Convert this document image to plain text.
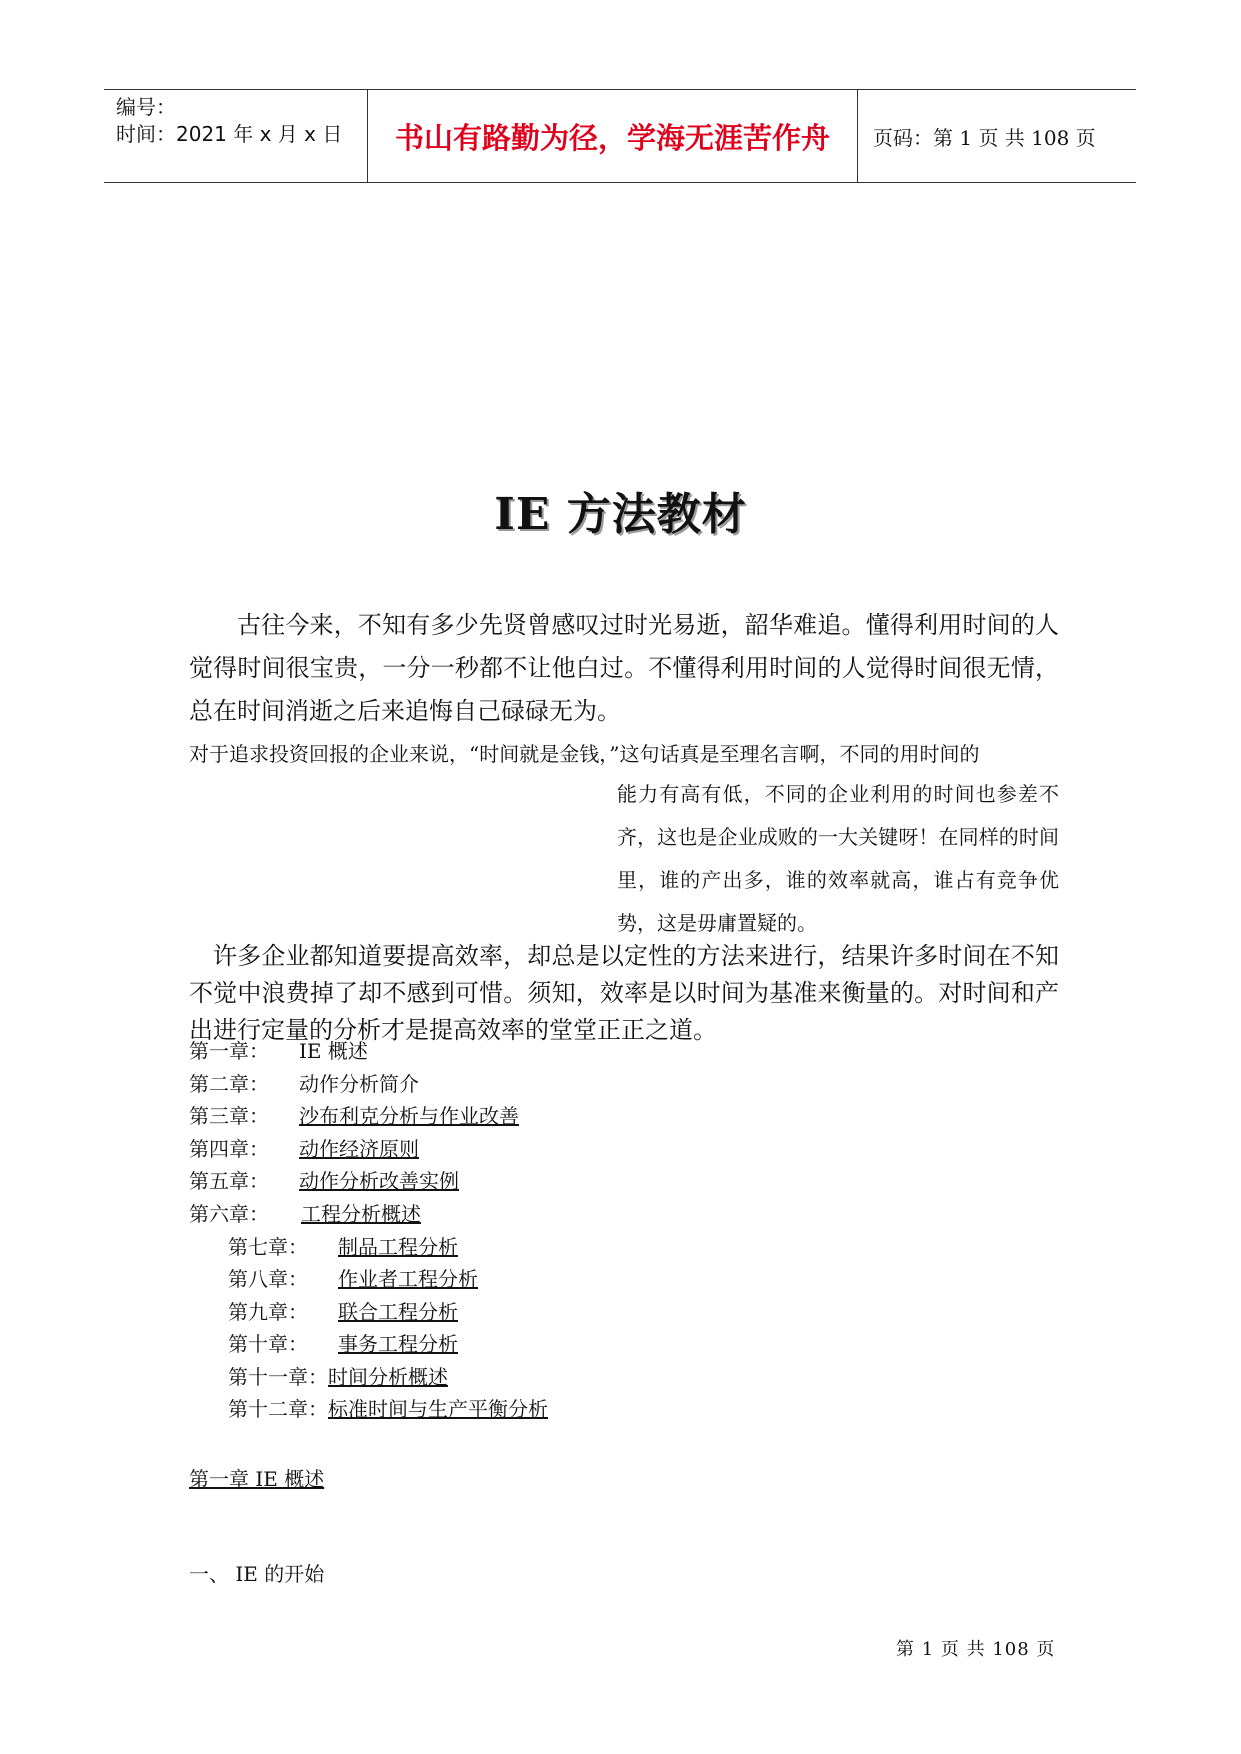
编号：
时间：2021 年 x 月 x 日	书山有路勤为径，学海无涯苦作舟	页码：第 1 页 共 108 页
IE 方法教材
古往今来，不知有多少先贤曾感叹过时光易逝，韶华难追。懂得利用时间的人觉得时间很宝贵，一分一秒都不让他白过。不懂得利用时间的人觉得时间很无情，总在时间消逝之后来追悔自己碌碌无为。
对于追求投资回报的企业来说，“时间就是金钱，”这句话真是至理名言啊，不同的用时间的
能力有高有低，不同的企业利用的时间也参差不齐，这也是企业成败的一大关键呀！在同样的时间里，谁的产出多，谁的效率就高，谁占有竞争优势，这是毋庸置疑的。
许多企业都知道要提高效率，却总是以定性的方法来进行，结果许多时间在不知不觉中浪费掉了却不感到可惜。须知，效率是以时间为基准来衡量的。对时间和产出进行定量的分析才是提高效率的堂堂正正之道。
第一章： IE 概述
第二章： 动作分析简介
第三章： 沙布利克分析与作业改善
第四章： 动作经济原则
第五章： 动作分析改善实例
第六章： 工程分析概述
第七章： 制品工程分析
第八章： 作业者工程分析
第九章： 联合工程分析
第十章： 事务工程分析
第十一章：时间分析概述
第十二章：标准时间与生产平衡分析
第一章 IE 概述
一、 IE 的开始
第 1 页 共 108 页
